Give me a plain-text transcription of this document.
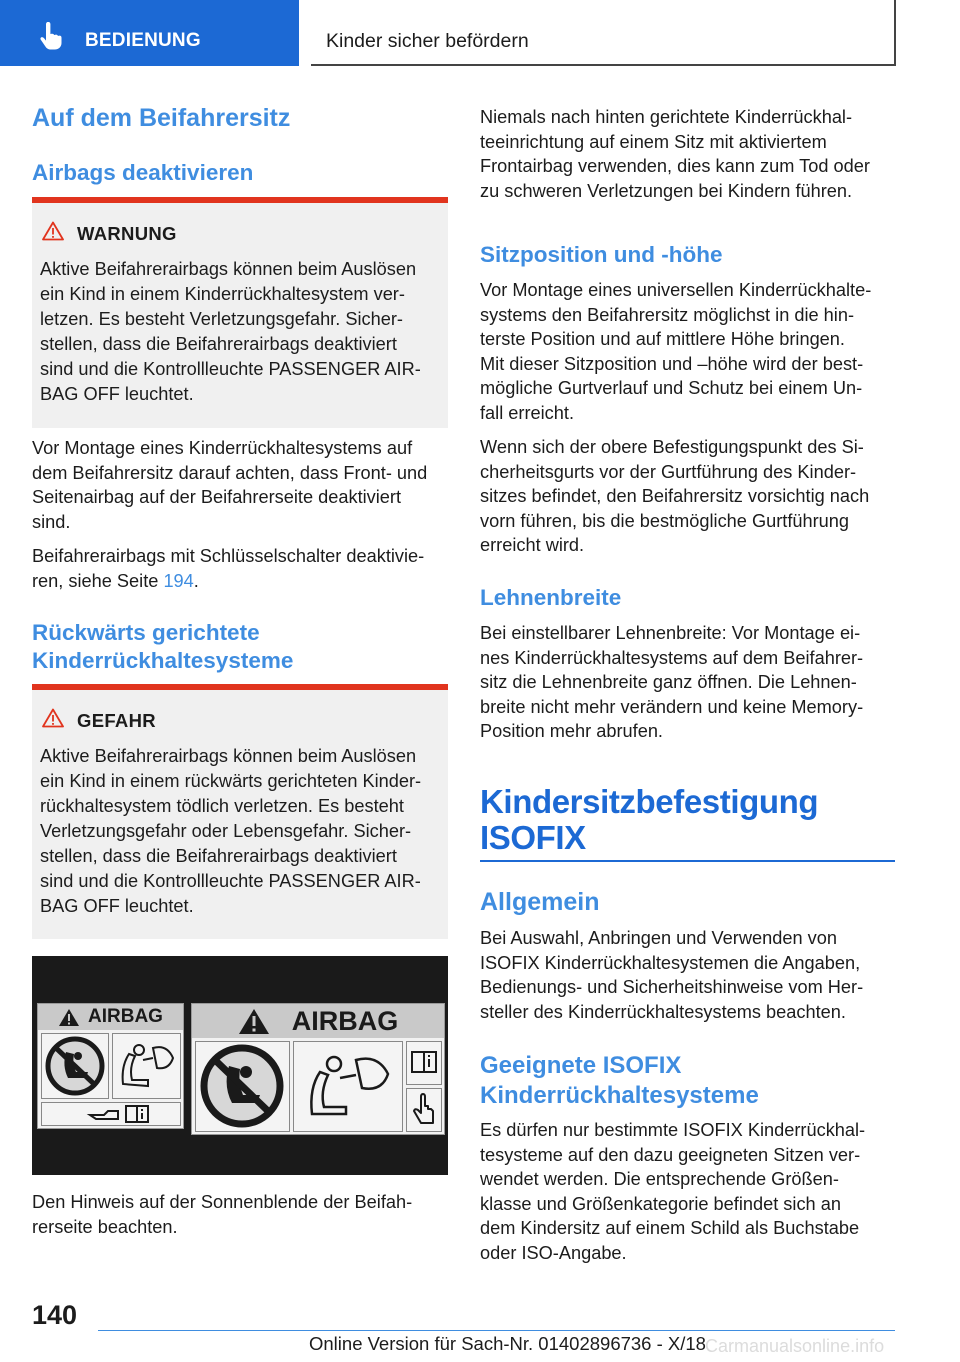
BEDIENUNG	Kinder sicher befördern
Auf dem Beifahrersitz
Airbags deaktivieren
WARNUNG
Aktive Beifahrerairbags können beim Auslösen
ein Kind in einem Kinderrückhaltesystem ver-
letzen. Es besteht Verletzungsgefahr. Sicher-
stellen, dass die Beifahrerairbags deaktiviert
sind und die Kontrollleuchte PASSENGER AIR-
BAG OFF leuchtet.
Vor Montage eines Kinderrückhaltesystems auf
dem Beifahrersitz darauf achten, dass Front- und
Seitenairbag auf der Beifahrerseite deaktiviert
sind.
Beifahrerairbags mit Schlüsselschalter deaktivie-
ren, siehe Seite 194.
Rückwärts gerichtete
Kinderrückhaltesysteme
GEFAHR
Aktive Beifahrerairbags können beim Auslösen
ein Kind in einem rückwärts gerichteten Kinder-
rückhaltesystem tödlich verletzen. Es besteht
Verletzungsgefahr oder Lebensgefahr. Sicher-
stellen, dass die Beifahrerairbags deaktiviert
sind und die Kontrollleuchte PASSENGER AIR-
BAG OFF leuchtet.
AIRBAG	AIRBAG
Den Hinweis auf der Sonnenblende der Beifah-
rerseite beachten.
Niemals nach hinten gerichtete Kinderrückhal-
teeinrichtung auf einem Sitz mit aktiviertem
Frontairbag verwenden, dies kann zum Tod oder
zu schweren Verletzungen bei Kindern führen.
Sitzposition und ‑höhe
Vor Montage eines universellen Kinderrückhalte-
systems den Beifahrersitz möglichst in die hin-
terste Position und auf mittlere Höhe bringen.
Mit dieser Sitzposition und –höhe wird der best-
mögliche Gurtverlauf und Schutz bei einem Un-
fall erreicht.
Wenn sich der obere Befestigungspunkt des Si-
cherheitsgurts vor der Gurtführung des Kinder-
sitzes befindet, den Beifahrersitz vorsichtig nach
vorn führen, bis die bestmögliche Gurtführung
erreicht wird.
Lehnenbreite
Bei einstellbarer Lehnenbreite: Vor Montage ei-
nes Kinderrückhaltesystems auf dem Beifahrer-
sitz die Lehnenbreite ganz öffnen. Die Lehnen-
breite nicht mehr verändern und keine Memory-
Position mehr abrufen.
Kindersitzbefestigung
ISOFIX
Allgemein
Bei Auswahl, Anbringen und Verwenden von
ISOFIX Kinderrückhaltesystemen die Angaben,
Bedienungs- und Sicherheitshinweise vom Her-
steller des Kinderrückhaltesystems beachten.
Geeignete ISOFIX
Kinderrückhaltesysteme
Es dürfen nur bestimmte ISOFIX Kinderrückhal-
tesysteme auf den dazu geeigneten Sitzen ver-
wendet werden. Die entsprechende Größen-
klasse und Größenkategorie befindet sich an
dem Kindersitz auf einem Schild als Buchstabe
oder ISO-Angabe.
140
Online Version für Sach-Nr. 01402896736 - X/18 Carmanualsonline.info
